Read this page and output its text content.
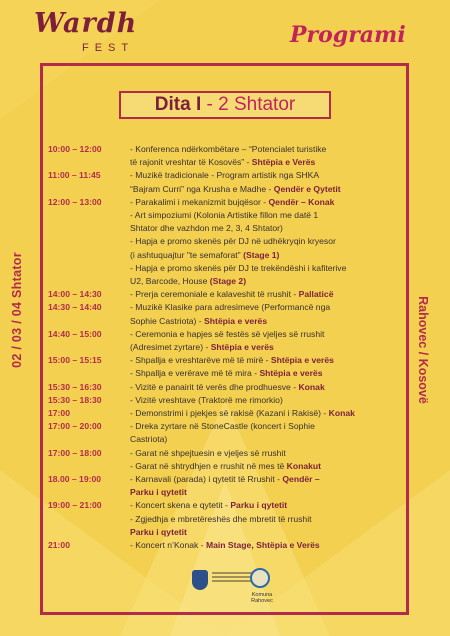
Wardh
FEST	Programi
Dita I - 2 Shtator
02 / 03 / 04 Shtator	Rahovec / Kosovë
10:00 – 12:00	- Konferenca ndërkombëtare – “Potencialet turistike
të rajonit vreshtar të Kosovës” - Shtëpia e Verës
11:00 – 11:45	- Muzikë tradicionale - Program artistik nga SHKA
“Bajram Curri” nga Krusha e Madhe - Qendër e Qytetit
12:00 – 13:00	- Parakalimi i mekanizmit bujqësor - Qendër – Konak
- Art simpoziumi (Kolonia Artistike fillon me datë 1
Shtator dhe vazhdon me 2, 3, 4 Shtator)
- Hapja e promo skenës për DJ në udhëkryqin kryesor
(i ashtuquajtur "te semaforat" (Stage 1)
- Hapja e promo skenës për DJ te trekëndëshi i kafiterive
U2, Barcode, House (Stage 2)
14:00 – 14:30	- Prerja ceremoniale e kalaveshit të rrushit - Pallaticë
14:30 – 14:40	- Muzikë Klasike para adresimeve (Performancë nga
Sophie Castriota) - Shtëpia e verës
14:40 – 15:00	- Ceremonia e hapjes së festës së vjeljes së rrushit
(Adresimet zyrtare) - Shtëpia e verës
15:00 – 15:15	- Shpallja e vreshtarëve më të mirë - Shtëpia e verës
- Shpallja e verërave më të mira - Shtëpia e verës
15:30 – 16:30	- Vizitë e panairit të verës dhe prodhuesve - Konak
15:30 – 18:30	- Vizitë vreshtave (Traktorë me rimorkio)
17:00	- Demonstrimi i pjekjes së rakisë (Kazani i Rakisë) - Konak
17:00 – 20:00	- Dreka zyrtare në StoneCastle (koncert i Sophie
Castriota)
17:00 – 18:00	- Garat në shpejtuesin e vjeljes së rrushit
- Garat në shtrydhjen e rrushit në mes të Konakut
18.00 – 19:00	- Karnavali (parada) i qytetit të Rrushit - Qendër –
Parku i qytetit
19:00 – 21:00	- Koncert skena e qytetit - Parku i qytetit
- Zgjedhja e mbretëreshës dhe mbretit të rrushit
Parku i qytetit
21:00	- Koncert n’Konak - Main Stage, Shtëpia e Verës
Komuna Rahovec
